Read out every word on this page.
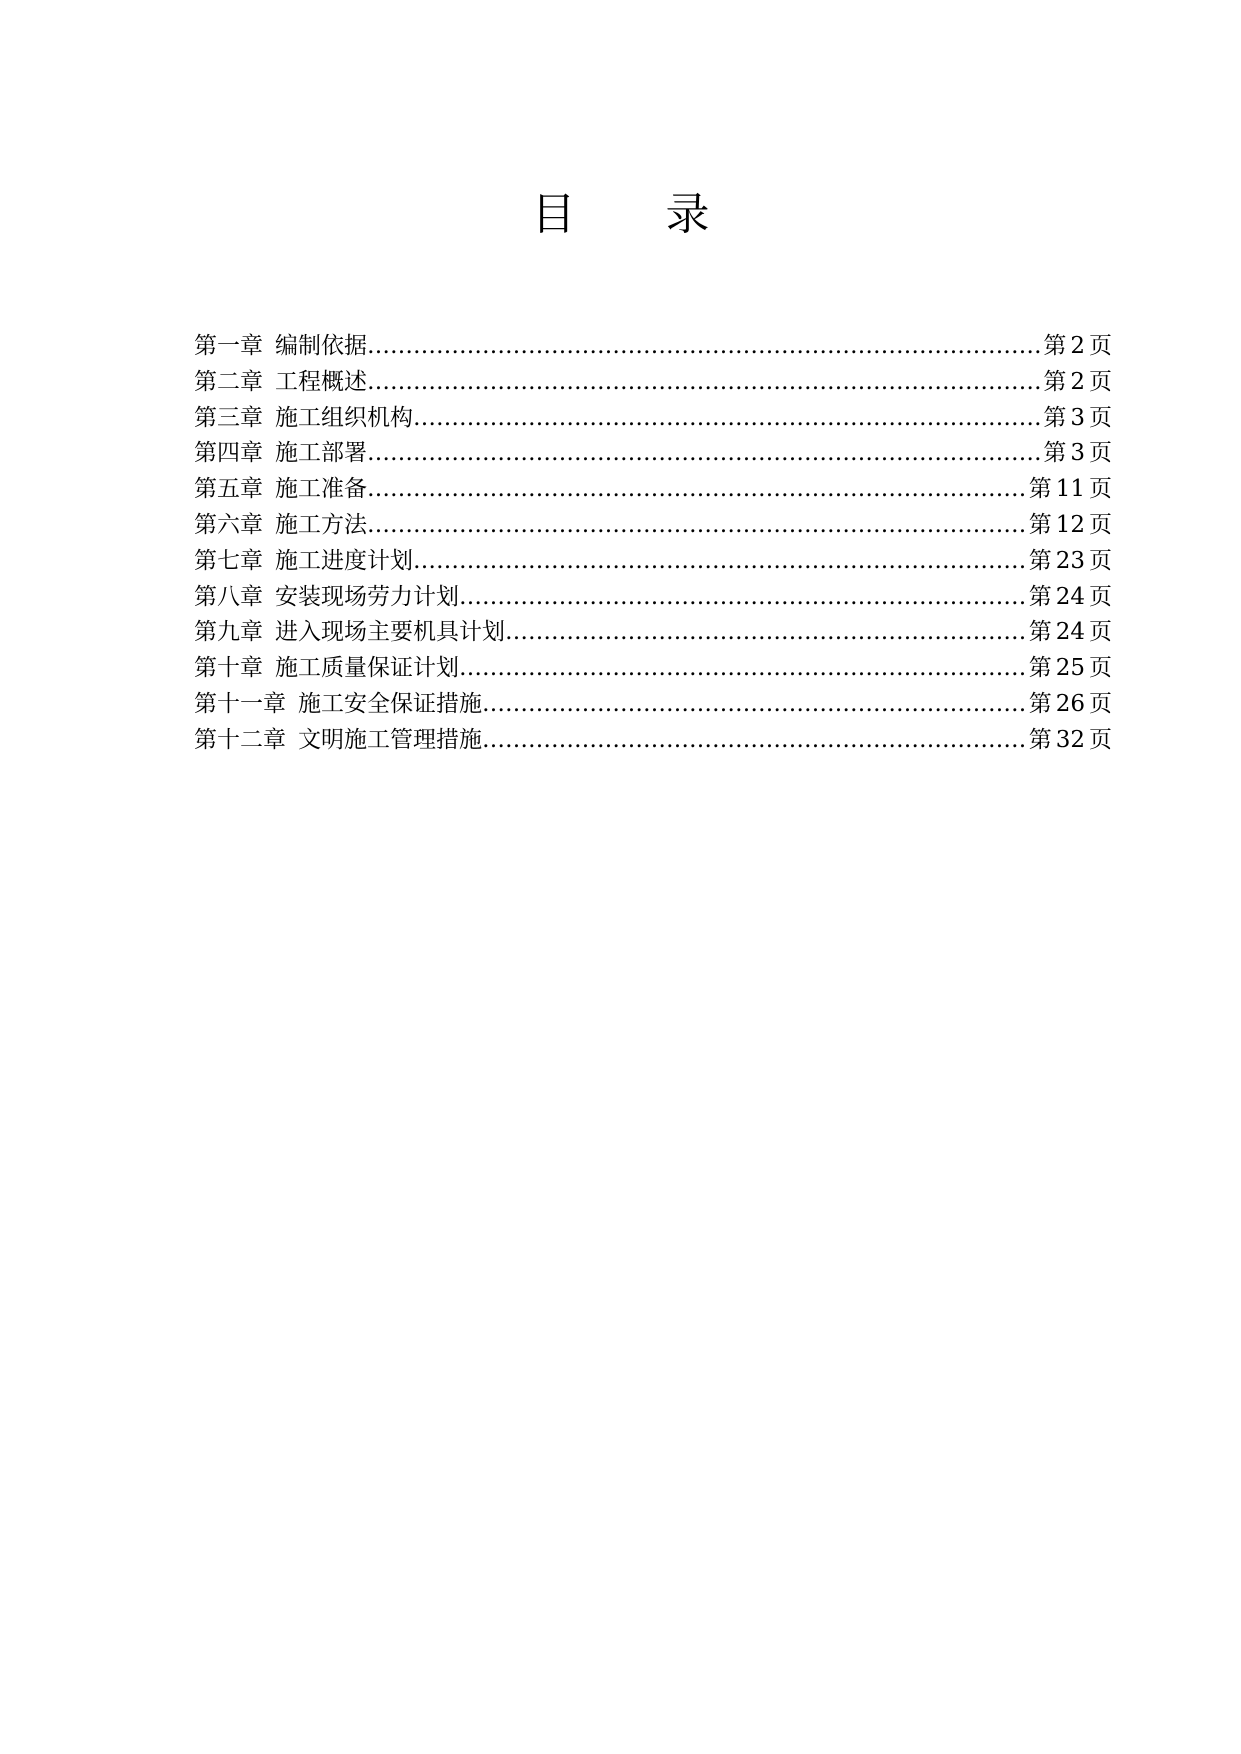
目 录
第一章 编制依据 …………………………………………………………………………………………………………………………………………………………………………	第 2 页
第二章 工程概述 …………………………………………………………………………………………………………………………………………………………………………	第 2 页
第三章 施工组织机构 …………………………………………………………………………………………………………………………………………………………………………	第 3 页
第四章 施工部署 …………………………………………………………………………………………………………………………………………………………………………	第 3 页
第五章 施工准备 …………………………………………………………………………………………………………………………………………………………………………	第 11 页
第六章 施工方法 …………………………………………………………………………………………………………………………………………………………………………	第 12 页
第七章 施工进度计划 …………………………………………………………………………………………………………………………………………………………………………	第 23 页
第八章 安装现场劳力计划 …………………………………………………………………………………………………………………………………………………………………………	第 24 页
第九章 进入现场主要机具计划 …………………………………………………………………………………………………………………………………………………………………………	第 24 页
第十章 施工质量保证计划 …………………………………………………………………………………………………………………………………………………………………………	第 25 页
第十一章 施工安全保证措施 …………………………………………………………………………………………………………………………………………………………………………	第 26 页
第十二章 文明施工管理措施 …………………………………………………………………………………………………………………………………………………………………………	第 32 页
